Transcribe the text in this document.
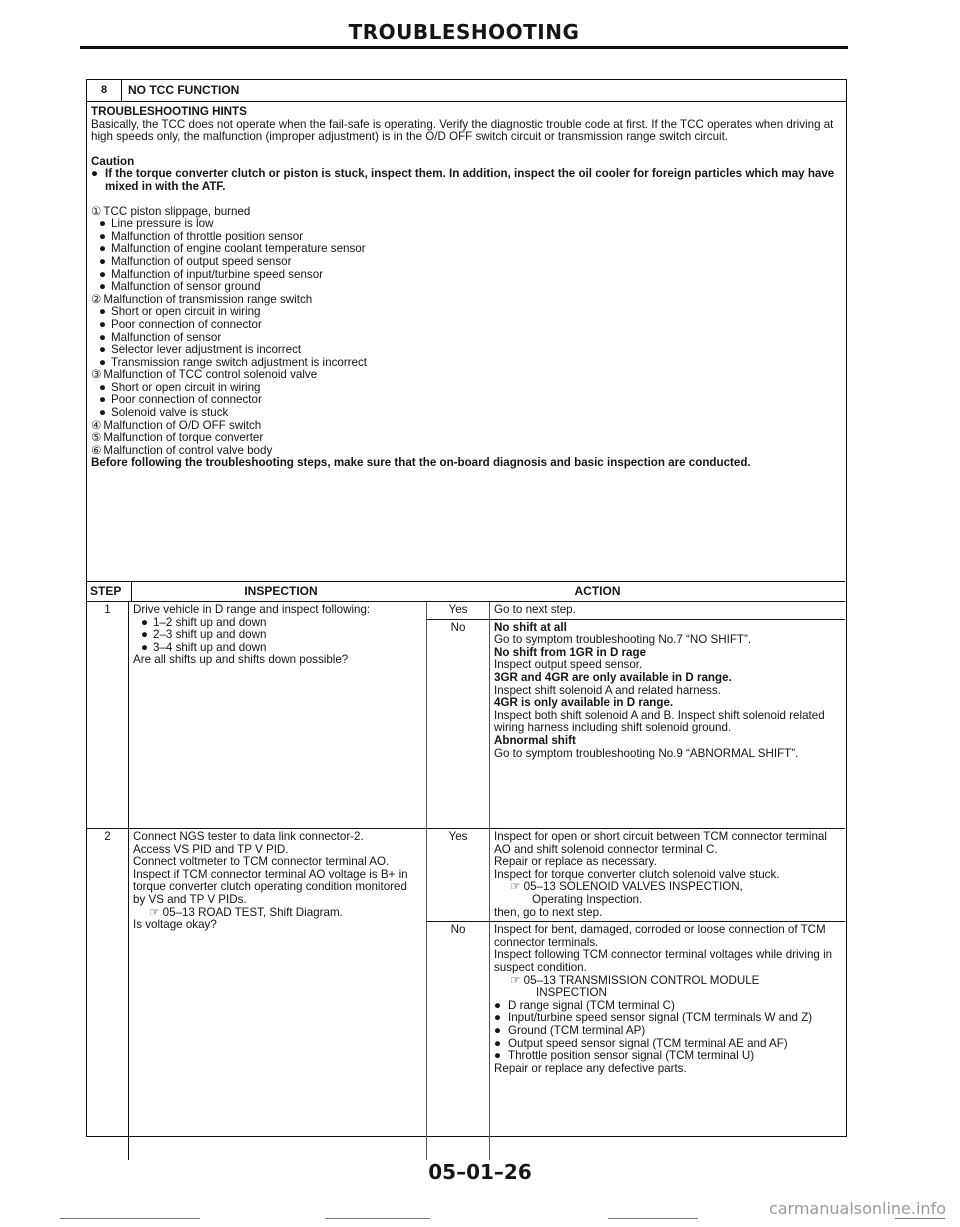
TROUBLESHOOTING
8	NO TCC FUNCTION

TROUBLESHOOTING HINTS

Basically, the TCC does not operate when the fail-safe is operating. Verify the diagnostic trouble code at first. If the TCC operates when driving at high speeds only, the malfunction (improper adjustment) is in the O/D OFF switch circuit or transmission range switch circuit.

Caution

● If the torque converter clutch or piston is stuck, inspect them. In addition, inspect the oil cooler for foreign particles which may have mixed in with the ATF.
① TCC piston slippage, burned
● Line pressure is low
● Malfunction of throttle position sensor
● Malfunction of engine coolant temperature sensor
● Malfunction of output speed sensor
● Malfunction of input/turbine speed sensor
● Malfunction of sensor ground
② Malfunction of transmission range switch
● Short or open circuit in wiring
● Poor connection of connector
● Malfunction of sensor
● Selector lever adjustment is incorrect
● Transmission range switch adjustment is incorrect
③ Malfunction of TCC control solenoid valve
● Short or open circuit in wiring
● Poor connection of connector
● Solenoid valve is stuck
④ Malfunction of O/D OFF switch
⑤ Malfunction of torque converter
⑥ Malfunction of control valve body

Before following the troubleshooting steps, make sure that the on-board diagnosis and basic inspection are conducted.

STEP	INSPECTION	ACTION
1	Drive vehicle in D range and inspect following:
● 1–2 shift up and down
● 2–3 shift up and down
● 3–4 shift up and down
Are all shifts up and shifts down possible?
Yes	Go to next step.
No	No shift at all
Go to symptom troubleshooting No.7 “NO SHIFT”.
No shift from 1GR in D rage
Inspect output speed sensor.
3GR and 4GR are only available in D range.
Inspect shift solenoid A and related harness.
4GR is only available in D range.
Inspect both shift solenoid A and B. Inspect shift solenoid related wiring harness including shift solenoid ground.
Abnormal shift
Go to symptom troubleshooting No.9 “ABNORMAL SHIFT”.
2	Connect NGS tester to data link connector-2.
Access VS PID and TP V PID.
Connect voltmeter to TCM connector terminal AO.
Inspect if TCM connector terminal AO voltage is B+ in torque converter clutch operating condition monitored by VS and TP V PIDs.
☞ 05–13 ROAD TEST, Shift Diagram.
Is voltage okay?
Yes	Inspect for open or short circuit between TCM connector terminal AO and shift solenoid connector terminal C.
Repair or replace as necessary.
Inspect for torque converter clutch solenoid valve stuck.
☞ 05–13 SOLENOID VALVES INSPECTION,
Operating Inspection.
then, go to next step.
No	Inspect for bent, damaged, corroded or loose connection of TCM connector terminals.
Inspect following TCM connector terminal voltages while driving in suspect condition.
☞ 05–13 TRANSMISSION CONTROL MODULE
INSPECTION
● D range signal (TCM terminal C)
● Input/turbine speed sensor signal (TCM terminals W and Z)
● Ground (TCM terminal AP)
● Output speed sensor signal (TCM terminal AE and AF)
● Throttle position sensor signal (TCM terminal U)
Repair or replace any defective parts.
05–01–26
carmanualsonline.info
